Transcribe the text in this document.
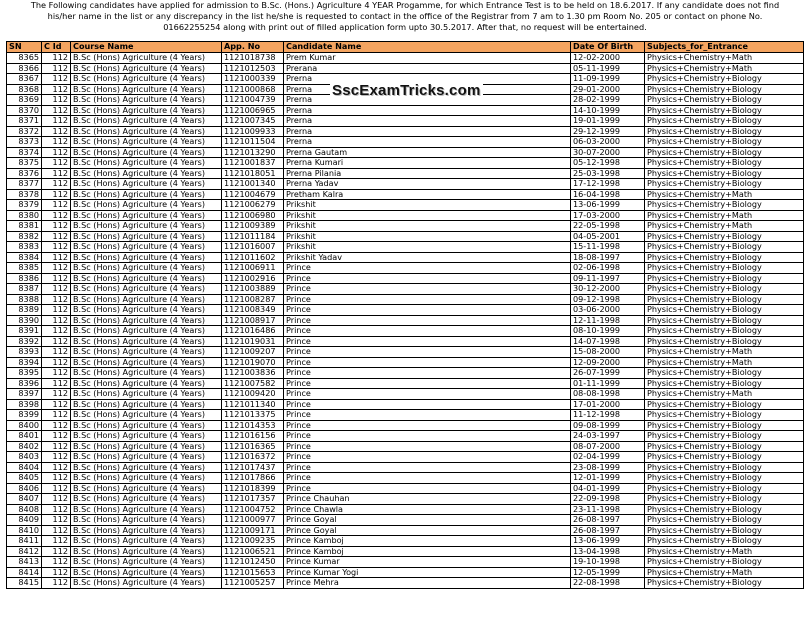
The Following candidates have applied for admission to B.Sc. (Hons.) Agriculture 4 YEAR Progamme, for which Entrance Test is to be held on 18.6.2017. If any candidate does not find
his/her name in the list or any discrepancy in the list he/she is requested to contact in the office of the Registrar from 7 am to 1.30 pm Room No. 205 or contact on phone No.
01662255254 along with print out of filled application form upto 30.5.2017. After that, no request will be entertained.
SN	C Id	Course Name	App. No	Candidate Name	Date Of Birth	Subjects_for_Entrance
8365	112	B.Sc (Hons) Agriculture (4 Years)	1121018738	Prem Kumar	12-02-2000	Physics+Chemistry+Math
8366	112	B.Sc (Hons) Agriculture (4 Years)	1121012503	Prerana	05-11-1999	Physics+Chemistry+Math
8367	112	B.Sc (Hons) Agriculture (4 Years)	1121000339	Prerna	11-09-1999	Physics+Chemistry+Biology
8368	112	B.Sc (Hons) Agriculture (4 Years)	1121000868	Prerna	29-01-2000	Physics+Chemistry+Biology
8369	112	B.Sc (Hons) Agriculture (4 Years)	1121004739	Prerna	28-02-1999	Physics+Chemistry+Biology
8370	112	B.Sc (Hons) Agriculture (4 Years)	1121006965	Prerna	14-10-1999	Physics+Chemistry+Biology
8371	112	B.Sc (Hons) Agriculture (4 Years)	1121007345	Prerna	19-01-1999	Physics+Chemistry+Biology
8372	112	B.Sc (Hons) Agriculture (4 Years)	1121009933	Prerna	29-12-1999	Physics+Chemistry+Biology
8373	112	B.Sc (Hons) Agriculture (4 Years)	1121011504	Prerna	06-03-2000	Physics+Chemistry+Biology
8374	112	B.Sc (Hons) Agriculture (4 Years)	1121013290	Prerna Gautam	30-07-2000	Physics+Chemistry+Biology
8375	112	B.Sc (Hons) Agriculture (4 Years)	1121001837	Prerna Kumari	05-12-1998	Physics+Chemistry+Biology
8376	112	B.Sc (Hons) Agriculture (4 Years)	1121018051	Prerna Pilania	25-03-1998	Physics+Chemistry+Biology
8377	112	B.Sc (Hons) Agriculture (4 Years)	1121001340	Prerna Yadav	17-12-1998	Physics+Chemistry+Biology
8378	112	B.Sc (Hons) Agriculture (4 Years)	1121004679	Pretham Kalra	16-04-1998	Physics+Chemistry+Math
8379	112	B.Sc (Hons) Agriculture (4 Years)	1121006279	Prikshit	13-06-1999	Physics+Chemistry+Biology
8380	112	B.Sc (Hons) Agriculture (4 Years)	1121006980	Prikshit	17-03-2000	Physics+Chemistry+Math
8381	112	B.Sc (Hons) Agriculture (4 Years)	1121009389	Prikshit	22-05-1998	Physics+Chemistry+Math
8382	112	B.Sc (Hons) Agriculture (4 Years)	1121011184	Prikshit	04-05-2001	Physics+Chemistry+Biology
8383	112	B.Sc (Hons) Agriculture (4 Years)	1121016007	Prikshit	15-11-1998	Physics+Chemistry+Biology
8384	112	B.Sc (Hons) Agriculture (4 Years)	1121011602	Prikshit Yadav	18-08-1997	Physics+Chemistry+Biology
8385	112	B.Sc (Hons) Agriculture (4 Years)	1121006911	Prince	02-06-1998	Physics+Chemistry+Biology
8386	112	B.Sc (Hons) Agriculture (4 Years)	1121002916	Prince	09-11-1997	Physics+Chemistry+Biology
8387	112	B.Sc (Hons) Agriculture (4 Years)	1121003889	Prince	30-12-2000	Physics+Chemistry+Biology
8388	112	B.Sc (Hons) Agriculture (4 Years)	1121008287	Prince	09-12-1998	Physics+Chemistry+Biology
8389	112	B.Sc (Hons) Agriculture (4 Years)	1121008349	Prince	03-06-2000	Physics+Chemistry+Biology
8390	112	B.Sc (Hons) Agriculture (4 Years)	1121008917	Prince	12-11-1998	Physics+Chemistry+Biology
8391	112	B.Sc (Hons) Agriculture (4 Years)	1121016486	Prince	08-10-1999	Physics+Chemistry+Biology
8392	112	B.Sc (Hons) Agriculture (4 Years)	1121019031	Prince	14-07-1998	Physics+Chemistry+Biology
8393	112	B.Sc (Hons) Agriculture (4 Years)	1121009207	Prince	15-08-2000	Physics+Chemistry+Math
8394	112	B.Sc (Hons) Agriculture (4 Years)	1121019070	Prince	12-09-2000	Physics+Chemistry+Math
8395	112	B.Sc (Hons) Agriculture (4 Years)	1121003836	Prince	26-07-1999	Physics+Chemistry+Biology
8396	112	B.Sc (Hons) Agriculture (4 Years)	1121007582	Prince	01-11-1999	Physics+Chemistry+Biology
8397	112	B.Sc (Hons) Agriculture (4 Years)	1121009420	Prince	08-08-1998	Physics+Chemistry+Math
8398	112	B.Sc (Hons) Agriculture (4 Years)	1121011340	Prince	17-01-2000	Physics+Chemistry+Biology
8399	112	B.Sc (Hons) Agriculture (4 Years)	1121013375	Prince	11-12-1998	Physics+Chemistry+Biology
8400	112	B.Sc (Hons) Agriculture (4 Years)	1121014353	Prince	09-08-1999	Physics+Chemistry+Biology
8401	112	B.Sc (Hons) Agriculture (4 Years)	1121016156	Prince	24-03-1997	Physics+Chemistry+Biology
8402	112	B.Sc (Hons) Agriculture (4 Years)	1121016365	Prince	08-07-2000	Physics+Chemistry+Biology
8403	112	B.Sc (Hons) Agriculture (4 Years)	1121016372	Prince	02-04-1999	Physics+Chemistry+Biology
8404	112	B.Sc (Hons) Agriculture (4 Years)	1121017437	Prince	23-08-1999	Physics+Chemistry+Biology
8405	112	B.Sc (Hons) Agriculture (4 Years)	1121017866	Prince	12-01-1999	Physics+Chemistry+Biology
8406	112	B.Sc (Hons) Agriculture (4 Years)	1121018399	Prince	04-01-1999	Physics+Chemistry+Biology
8407	112	B.Sc (Hons) Agriculture (4 Years)	1121017357	Prince Chauhan	22-09-1998	Physics+Chemistry+Biology
8408	112	B.Sc (Hons) Agriculture (4 Years)	1121004752	Prince Chawla	23-11-1998	Physics+Chemistry+Biology
8409	112	B.Sc (Hons) Agriculture (4 Years)	1121000977	Prince Goyal	26-08-1997	Physics+Chemistry+Biology
8410	112	B.Sc (Hons) Agriculture (4 Years)	1121009171	Prince Goyal	26-08-1997	Physics+Chemistry+Biology
8411	112	B.Sc (Hons) Agriculture (4 Years)	1121009235	Prince Kamboj	13-06-1999	Physics+Chemistry+Biology
8412	112	B.Sc (Hons) Agriculture (4 Years)	1121006521	Prince Kamboj	13-04-1998	Physics+Chemistry+Math
8413	112	B.Sc (Hons) Agriculture (4 Years)	1121012450	Prince Kumar	19-10-1998	Physics+Chemistry+Biology
8414	112	B.Sc (Hons) Agriculture (4 Years)	1121015653	Prince Kumar Yogi	12-05-1999	Physics+Chemistry+Math
8415	112	B.Sc (Hons) Agriculture (4 Years)	1121005257	Prince Mehra	22-08-1998	Physics+Chemistry+Biology
SscExamTricks.com
